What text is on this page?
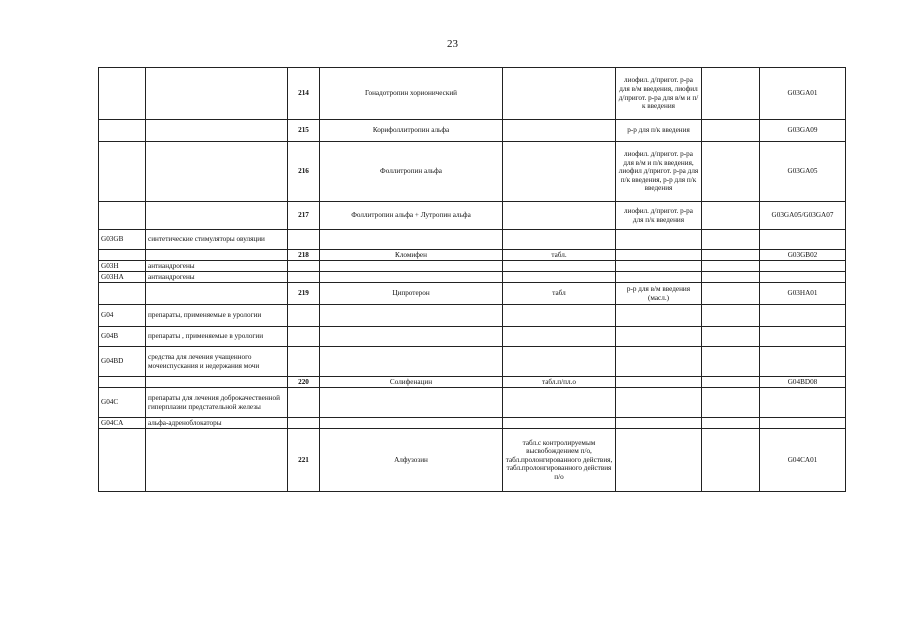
23
		214	Гонадотропин хорионический		лиофил. д/пригот. р-ра для в/м введения, лиофил д/пригот. р-ра для в/м и п/к введения		G03GA01
		215	Корифоллитропин альфа		р-р для п/к введения		G03GA09
		216	Фоллитропин альфа		лиофил. д/пригот. р-ра для в/м и п/к введения, лиофил д/пригот. р-ра для п/к введения, р-р для п/к введения		G03GA05
		217	Фоллитропин альфа + Лутропин альфа		лиофил. д/пригот. р-ра для п/к введения		G03GA05/G03GA07
G03GB	синтетические стимуляторы овуляции						
		218	Кломифен	табл.			G03GB02
G03H	антиандрогены						
G03HA	антиандрогены						
		219	Ципротерон	табл	р-р для в/м введения (масл.)		G03HA01
G04	препараты, применяемые в урологии						
G04B	препараты , применяемые в урологии						
G04BD	средства для лечения учащенного мочеиспускания и недержания мочи						
		220	Солифенацин	табл.п/пл.о			G04BD08
G04C	препараты для лечения доброкачественной гиперплазии предстательной железы						
G04CA	альфа-адреноблокаторы						
		221	Алфузозин	табл.с контролируемым высвобождением п/о, табл.пролонгированного действия, табл.пролонгированного действия п/о			G04CA01
